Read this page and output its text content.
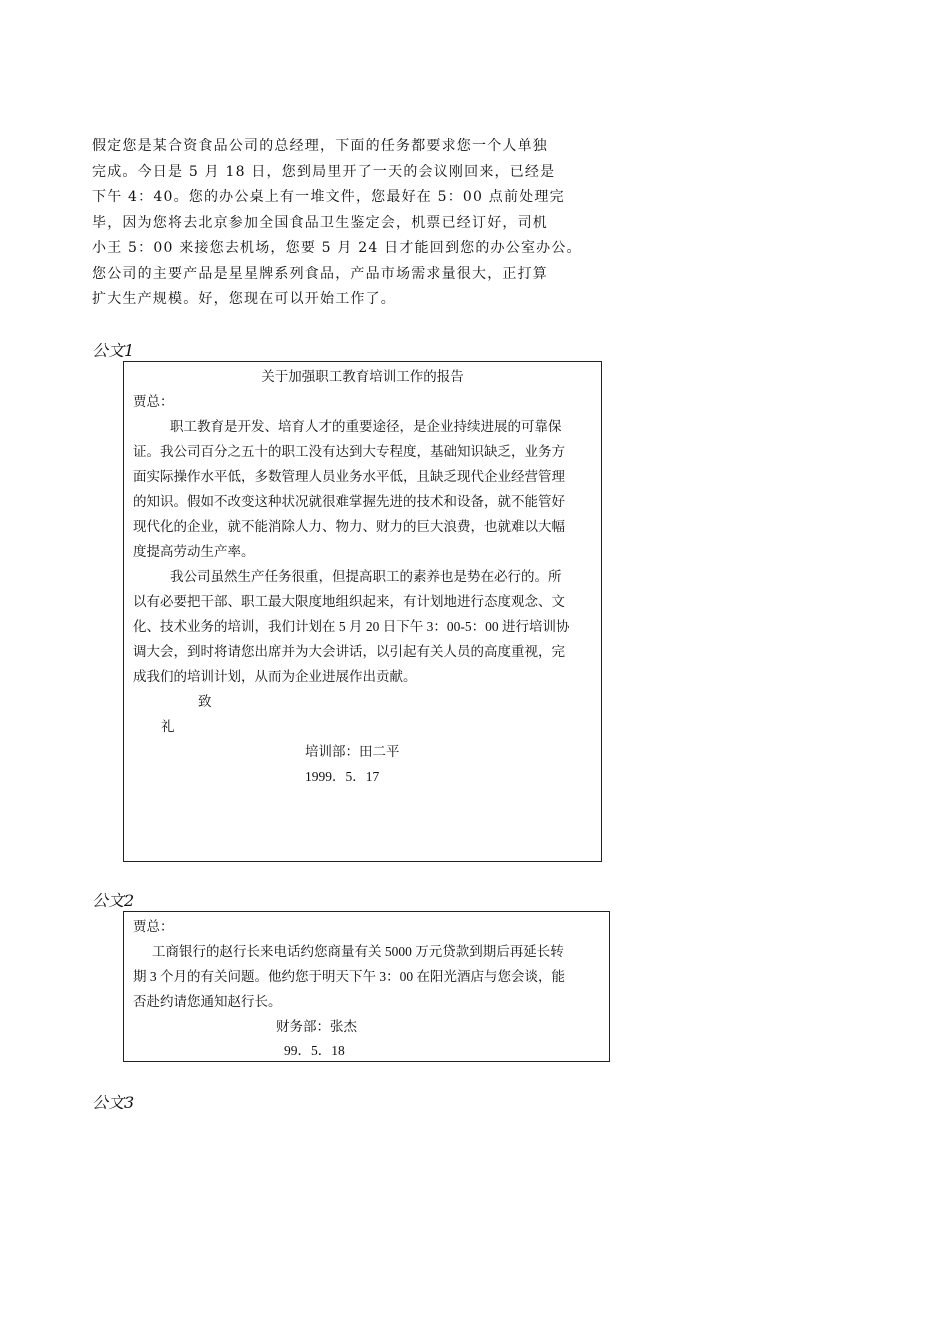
假定您是某合资食品公司的总经理，下面的任务都要求您一个人单独

完成。今日是 5 月 18 日，您到局里开了一天的会议刚回来，已经是

下午 4：40。您的办公桌上有一堆文件，您最好在 5：00 点前处理完

毕，因为您将去北京参加全国食品卫生鉴定会，机票已经订好，司机

小王 5：00 来接您去机场，您要 5 月 24 日才能回到您的办公室办公。

您公司的主要产品是星星牌系列食品，产品市场需求量很大，正打算

扩大生产规模。好，您现在可以开始工作了。

公文1
关于加强职工教育培训工作的报告
贾总：
职工教育是开发、培育人才的重要途径，是企业持续进展的可靠保
证。我公司百分之五十的职工没有达到大专程度，基础知识缺乏，业务方
面实际操作水平低，多数管理人员业务水平低，且缺乏现代企业经营管理
的知识。假如不改变这种状况就很难掌握先进的技术和设备，就不能管好
现代化的企业，就不能消除人力、物力、财力的巨大浪费，也就难以大幅
度提高劳动生产率。
我公司虽然生产任务很重，但提高职工的素养也是势在必行的。所
以有必要把干部、职工最大限度地组织起来，有计划地进行态度观念、文
化、技术业务的培训，我们计划在 5 月 20 日下午 3：00-5：00 进行培训协
调大会，到时将请您出席并为大会讲话，以引起有关人员的高度重视，完
成我们的培训计划，从而为企业进展作出贡献。
致
礼
培训部：田二平
1999．5．17
公文2
贾总：
工商银行的赵行长来电话约您商量有关 5000 万元贷款到期后再延长转
期 3 个月的有关问题。他约您于明天下午 3：00 在阳光酒店与您会谈，能
否赴约请您通知赵行长。
财务部：张杰
99．5．18
公文3
